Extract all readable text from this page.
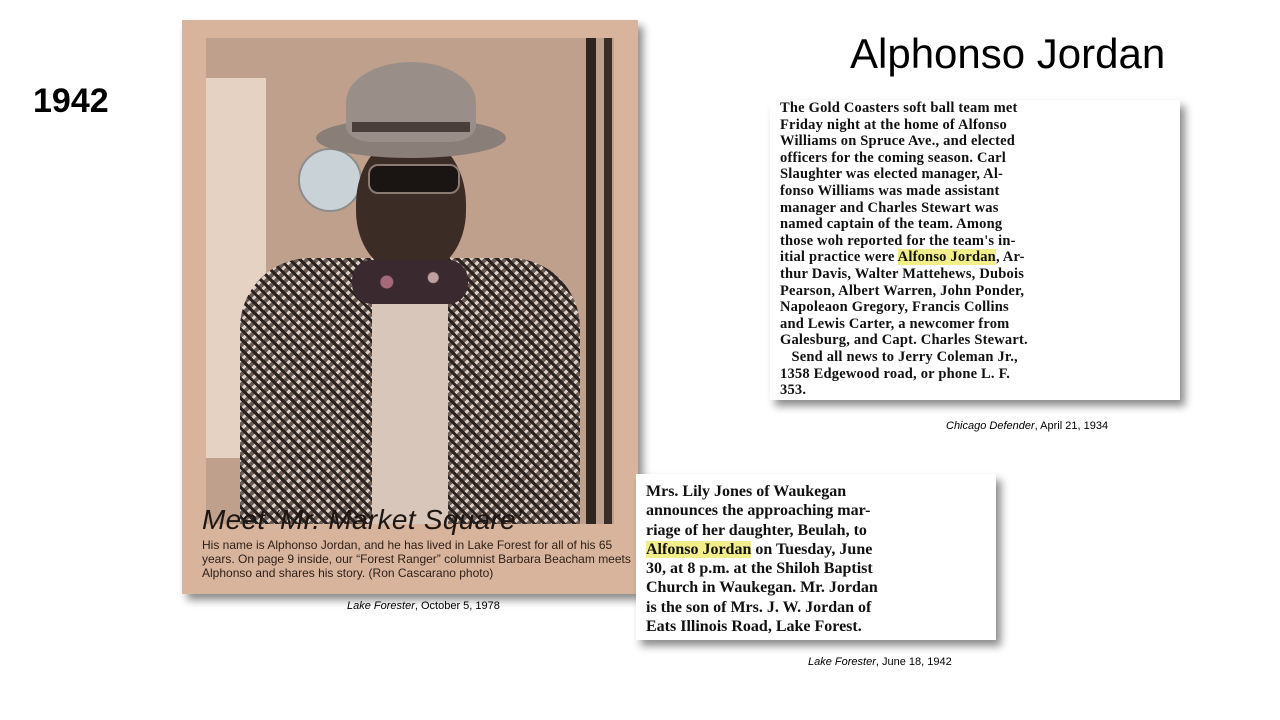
1942
Alphonso Jordan
Meet ‘Mr. Market Square’
His name is Alphonso Jordan, and he has lived in Lake Forest for all of his 65 years. On page 9 inside, our “Forest Ranger” columnist Barbara Beacham meets Alphonso and shares his story. (Ron Cascarano photo)
Lake Forester, October 5, 1978

The Gold Coasters soft ball team met
Friday night at the home of Alfonso
Williams on Spruce Ave., and elected
officers for the coming season. Carl
Slaughter was elected manager, Al-
fonso Williams was made assistant
manager and Charles Stewart was
named captain of the team. Among
those woh reported for the team's in-
itial practice were Alfonso Jordan, Ar-
thur Davis, Walter Mattehews, Dubois
Pearson, Albert Warren, John Ponder,
Napoleaon Gregory, Francis Collins
and Lewis Carter, a newcomer from
Galesburg, and Capt. Charles Stewart.
Send all news to Jerry Coleman Jr.,
1358 Edgewood road, or phone L. F.
353.

Chicago Defender, April 21, 1934

Mrs. Lily Jones of Waukegan
announces the approaching mar-
riage of her daughter, Beulah, to
Alfonso Jordan on Tuesday, June
30, at 8 p.m. at the Shiloh Baptist
Church in Waukegan. Mr. Jordan
is the son of Mrs. J. W. Jordan of
Eats Illinois Road, Lake Forest.

Lake Forester, June 18, 1942
